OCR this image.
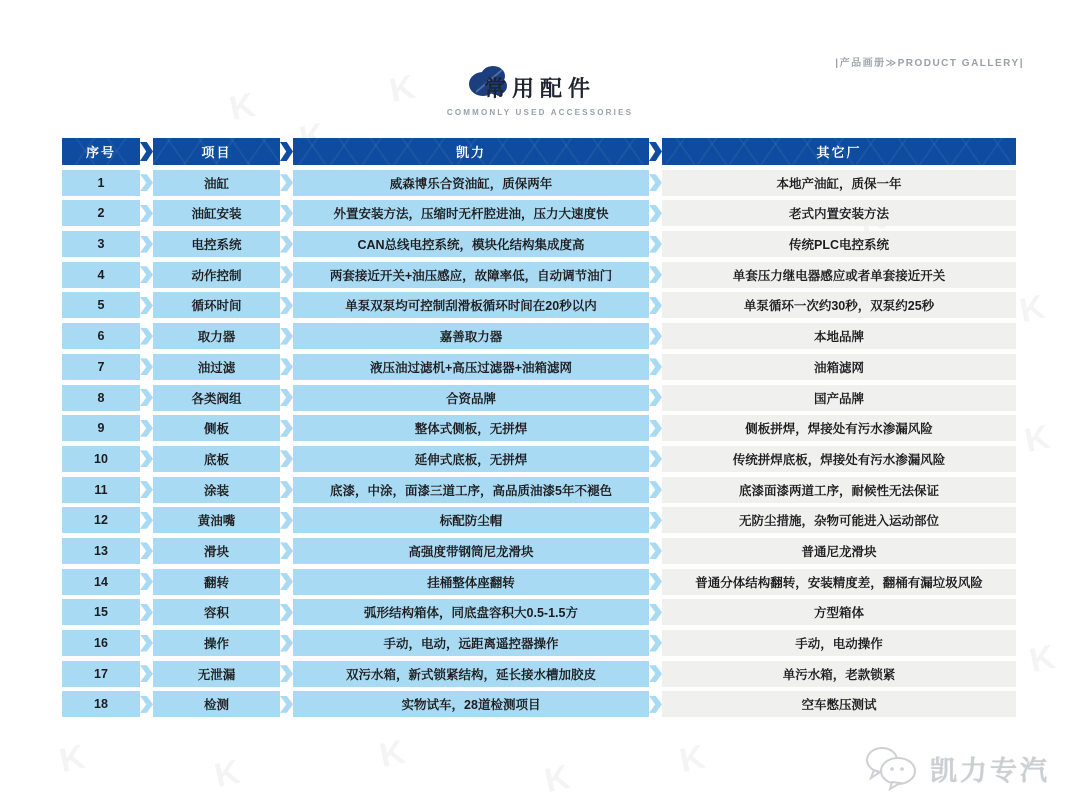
|产品画册≫PRODUCT GALLERY|
常用配件
COMMONLY USED ACCESSORIES
序号	项目	凯力	其它厂
1	油缸	威森博乐合资油缸，质保两年	本地产油缸，质保一年
2	油缸安装	外置安装方法，压缩时无杆腔进油，压力大速度快	老式内置安装方法
3	电控系统	CAN总线电控系统，模块化结构集成度高	传统PLC电控系统
4	动作控制	两套接近开关+油压感应，故障率低，自动调节油门	单套压力继电器感应或者单套接近开关
5	循环时间	单泵双泵均可控制刮滑板循环时间在20秒以内	单泵循环一次约30秒，双泵约25秒
6	取力器	嘉善取力器	本地品牌
7	油过滤	液压油过滤机+高压过滤器+油箱滤网	油箱滤网
8	各类阀组	合资品牌	国产品牌
9	侧板	整体式侧板，无拼焊	侧板拼焊，焊接处有污水渗漏风险
10	底板	延伸式底板，无拼焊	传统拼焊底板，焊接处有污水渗漏风险
11	涂装	底漆，中涂，面漆三道工序，高品质油漆5年不褪色	底漆面漆两道工序，耐候性无法保证
12	黄油嘴	标配防尘帽	无防尘措施，杂物可能进入运动部位
13	滑块	高强度带钢筒尼龙滑块	普通尼龙滑块
14	翻转	挂桶整体座翻转	普通分体结构翻转，安装精度差，翻桶有漏垃圾风险
15	容积	弧形结构箱体，同底盘容积大0.5-1.5方	方型箱体
16	操作	手动，电动，远距离遥控器操作	手动，电动操作
17	无泄漏	双污水箱，新式锁紧结构，延长接水槽加胶皮	单污水箱，老款锁紧
18	检测	实物试车，28道检测项目	空车憋压测试
凯力专汽
